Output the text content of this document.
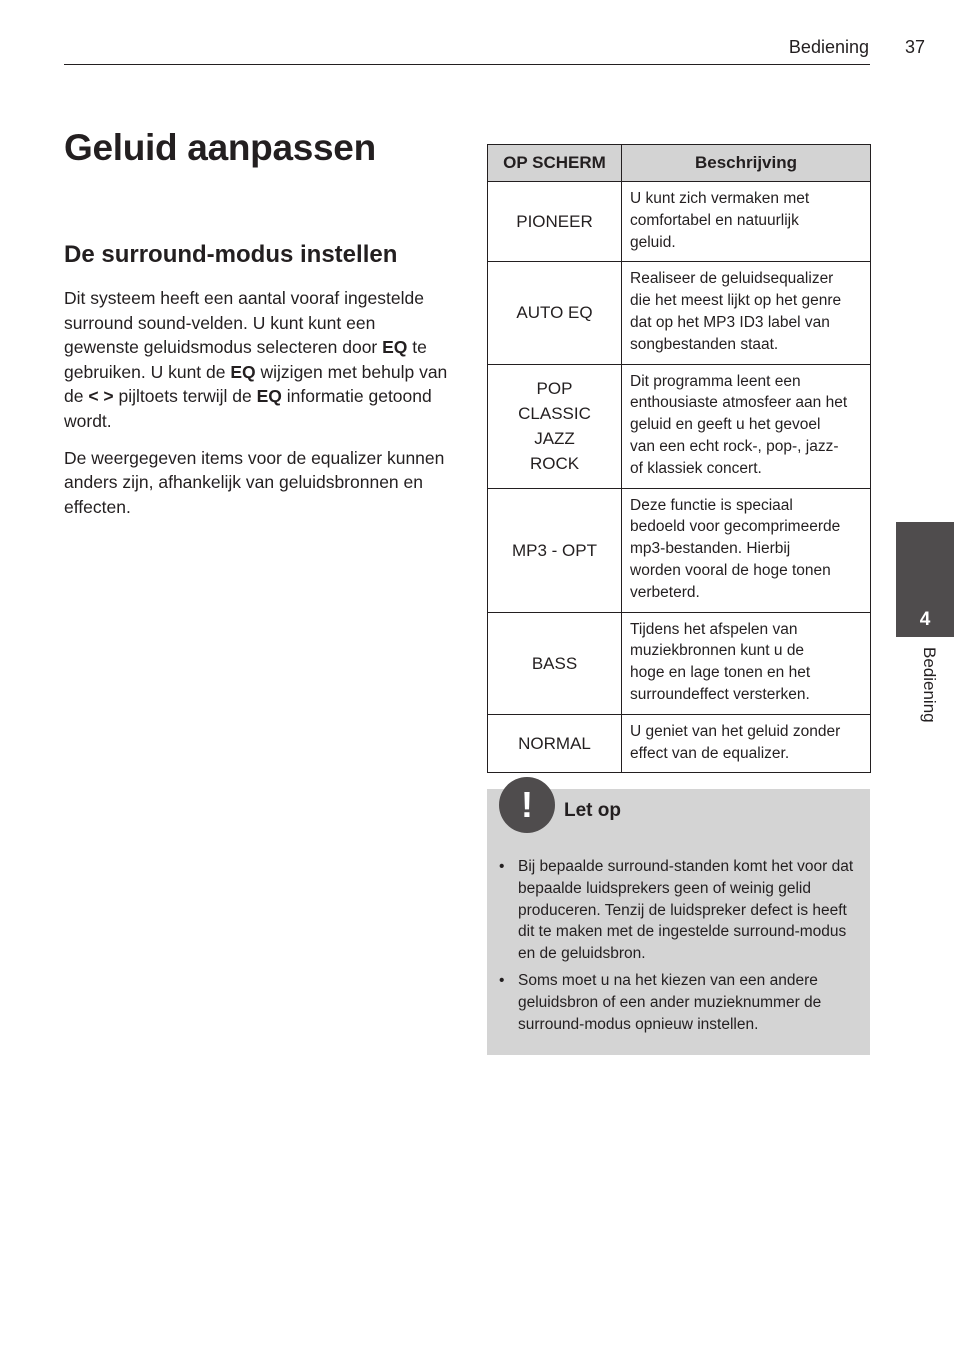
Bediening 37
Geluid aanpassen
De surround-modus instellen

Dit systeem heeft een aantal vooraf ingestelde surround sound-velden. U kunt kunt een gewenste geluidsmodus selecteren door EQ te gebruiken. U kunt de EQ wijzigen met behulp van de < > pijltoets terwijl de EQ informatie getoond wordt.

De weergegeven items voor de equalizer kunnen anders zijn, afhankelijk van geluidsbronnen en effecten.

OP SCHERM	Beschrijving

PIONEER	U kunt zich vermaken met
comfortabel en natuurlijk
geluid.

AUTO EQ	Realiseer de geluidsequalizer
die het meest lijkt op het genre
dat op het MP3 ID3 label van
songbestanden staat.

POP
CLASSIC
JAZZ
ROCK	Dit programma leent een
enthousiaste atmosfeer aan het
geluid en geeft u het gevoel
van een echt rock-, pop-, jazz-
of klassiek concert.

MP3 - OPT	Deze functie is speciaal
bedoeld voor gecomprimeerde
mp3-bestanden. Hierbij
worden vooral de hoge tonen
verbeterd.

BASS	Tijdens het afspelen van
muziekbronnen kunt u de
hoge en lage tonen en het
surroundeffect versterken.

NORMAL	U geniet van het geluid zonder
effect van de equalizer.
!	Let op
• Bij bepaalde surround-standen komt het voor dat bepaalde luidsprekers geen of weinig gelid produceren. Tenzij de luidspreker defect is heeft dit te maken met de ingestelde surround-modus en de geluidsbron.
• Soms moet u na het kiezen van een andere geluidsbron of een ander muzieknummer de surround-modus opnieuw instellen.
4
Bediening
